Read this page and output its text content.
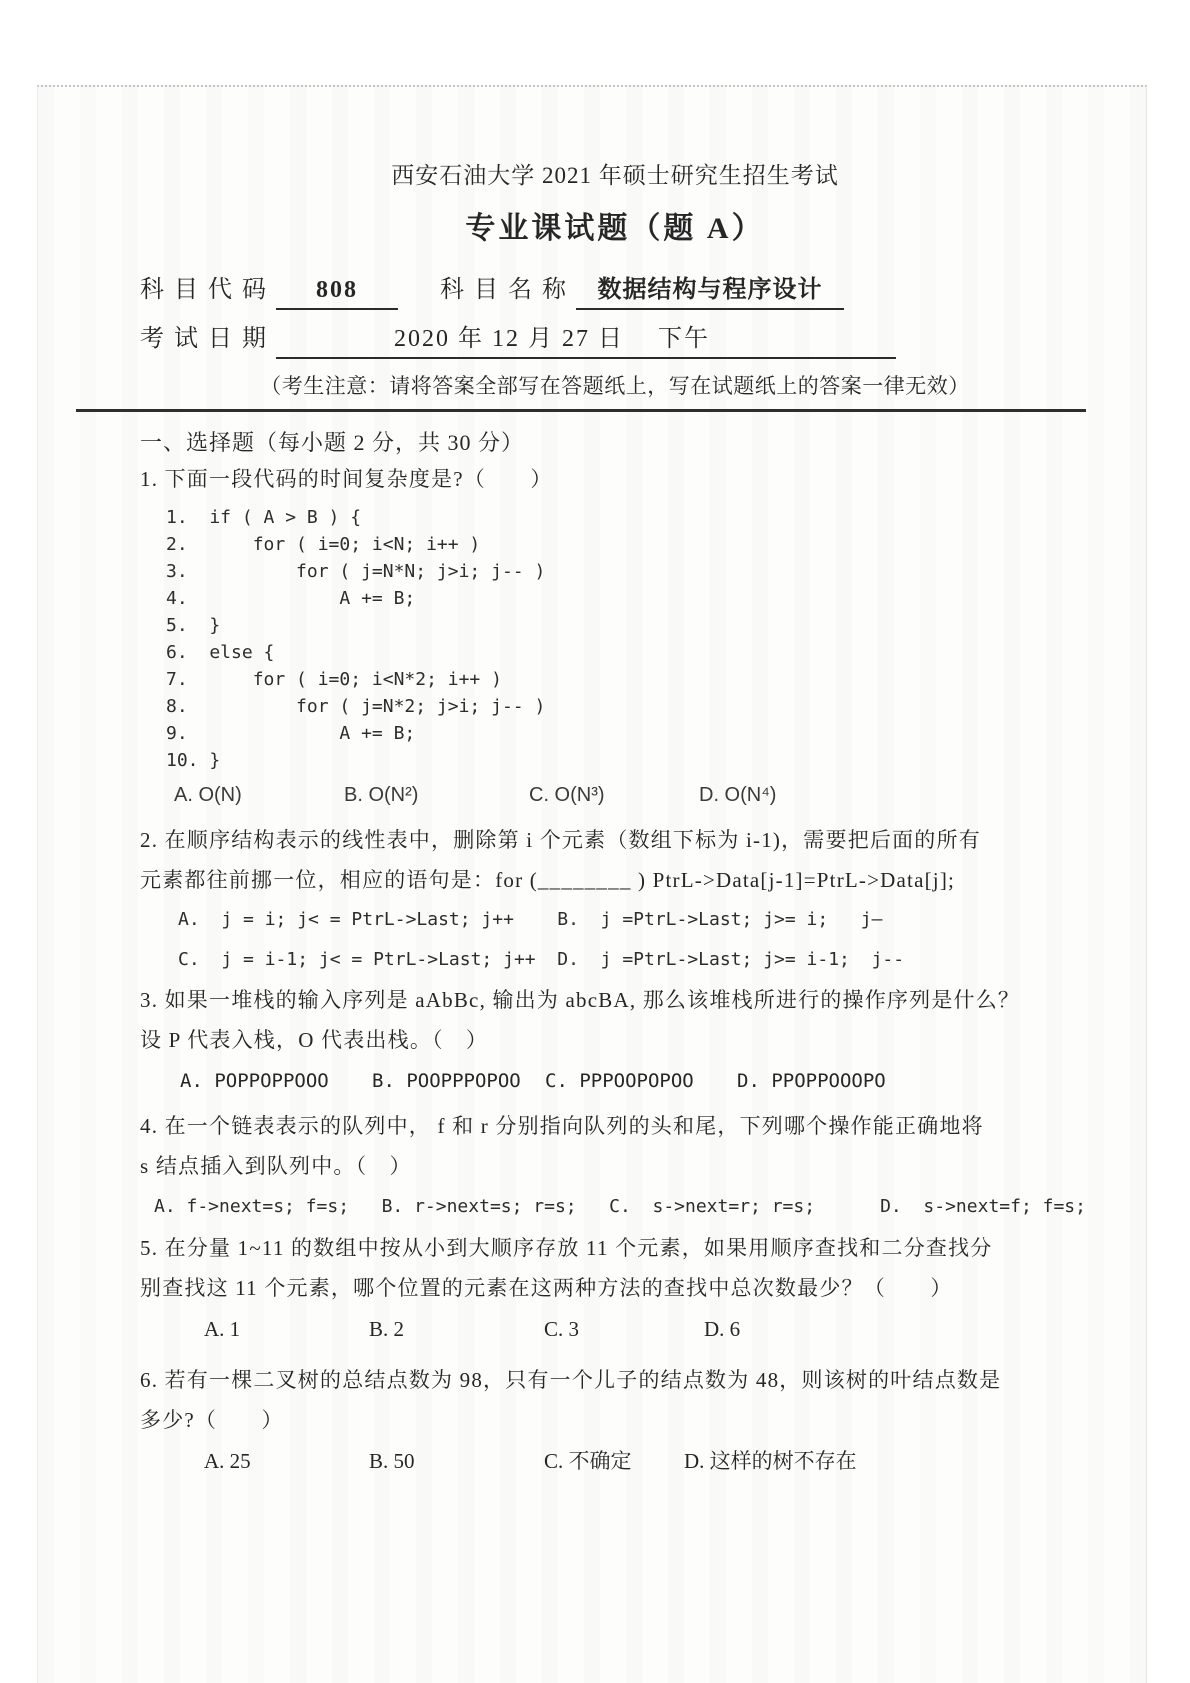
西安石油大学 2021 年硕士研究生招生考试
专业课试题（题 A）
科 目 代 码 808	科 目 名 称 数据结构与程序设计
考 试 日 期	2020 年 12 月 27 日　 下午
（考生注意：请将答案全部写在答题纸上，写在试题纸上的答案一律无效）
一、选择题（每小题 2 分，共 30 分）
1. 下面一段代码的时间复杂度是?（　　）
1.  if ( A > B ) {
2.      for ( i=0; i<N; i++ )
3.          for ( j=N*N; j>i; j-- )
4.              A += B;
5.  }
6.  else {
7.      for ( i=0; i<N*2; i++ )
8.          for ( j=N*2; j>i; j-- )
9.              A += B;
10. }
A. O(N)	B. O(N²)	C. O(N³)	D. O(N⁴)
2. 在顺序结构表示的线性表中，删除第 i 个元素（数组下标为 i-1)，需要把后面的所有
元素都往前挪一位，相应的语句是：for (________ ) PtrL->Data[j-1]=PtrL->Data[j];
A.  j = i; j< = PtrL->Last; j++    B.  j =PtrL->Last; j>= i;   j—
C.  j = i-1; j< = PtrL->Last; j++  D.  j =PtrL->Last; j>= i-1;  j--
3. 如果一堆栈的输入序列是 aAbBc, 输出为 abcBA, 那么该堆栈所进行的操作序列是什么？
设 P 代表入栈，O 代表出栈。（　）
A. POPPOPPOOO	B. POOPPPOPOO	C. PPPOOPOPOO	D. PPOPPOOOPO
4. 在一个链表表示的队列中， f 和 r 分别指向队列的头和尾，下列哪个操作能正确地将
s 结点插入到队列中。（　）
A. f->next=s; f=s;   B. r->next=s; r=s;   C.  s->next=r; r=s;      D.  s->next=f; f=s;
5. 在分量 1~11 的数组中按从小到大顺序存放 11 个元素，如果用顺序查找和二分查找分
别查找这 11 个元素，哪个位置的元素在这两种方法的查找中总次数最少？（　　）
A. 1	B. 2	C. 3	D. 6
6. 若有一棵二叉树的总结点数为 98，只有一个儿子的结点数为 48，则该树的叶结点数是
多少?（　　）
A. 25	B. 50	C. 不确定	D. 这样的树不存在
